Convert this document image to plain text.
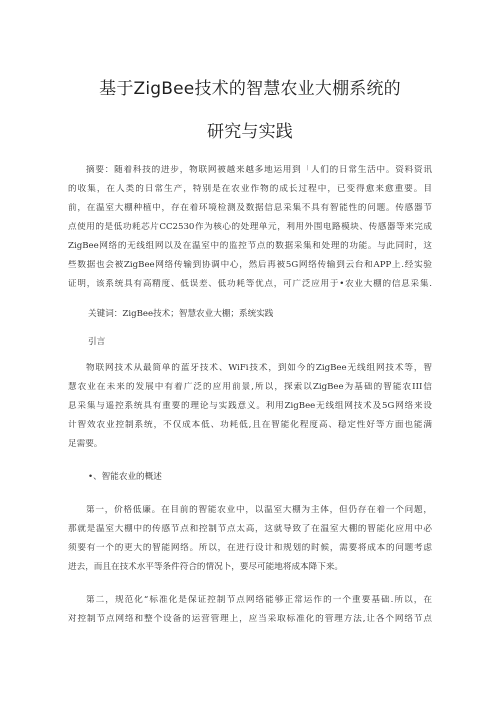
基于ZigBee技术的智慧农业大棚系统的
研究与实践
摘要：随着科技的进步，物联网被越来越多地运用到「人们的日常生活中。资料资讯
的收集，在人类的日常生产，特别是在农业作物的成长过程中，已变得愈来愈重要。目
前，在温室大棚种植中，存在着环境检测及数据信息采集不具有智能性的问题。传感器节
点使用的是低功耗芯片CC2530作为核心的处理单元，利用外围电路模块、传感器等来完成
ZigBee网络的无线组网以及在温室中的监控节点的数据采集和处理的功能。与此同时，这
些数据也会被ZigBee网络传输到协调中心，然后再被5G网络传输到云台和APP上.经实验
证明，该系统具有高精度、低误差、低功耗等优点，可广泛应用于•农业大棚的信息采集.
关键词：ZigBee技术；智慧农业大棚；系统实践
引言
物联网技术从最简单的蓝牙技术、WiFi技术，到如今的ZigBee无线组网技术等，智
慧农业在未来的发展中有着广泛的应用前景,所以，探索以ZigBee为基础的智能农III信
息采集与遥控系统具有重要的理论与实践意义。利用ZigBee无线组网技术及5G网络来设
计智效农业控制系统，不仅成本低、功耗低,且在智能化程度高、稳定性好等方面也能满
足需要。
•、智能农业的概述
第一，价格低廉。在目前的智能农业中，以温室大棚为主体，但仍存在着一个问题，
那就是温室大棚中的传感节点和控制节点太高，这就导致了在温室大棚的智能化应用中必
须要有一个的更大的智能网络。所以，在进行设计和规划的时候，需要将成本的问题考虑
进去，而且在技术水平等条件符合的情况卜，要尽可能地将成本降下来。
第二，规范化“标准化是保证控制节点网络能够正常运作的一个重要基础.所以，在
对控制节点网络和整个设备的运营管理上，应当采取标准化的管理方法,让各个网络节点
